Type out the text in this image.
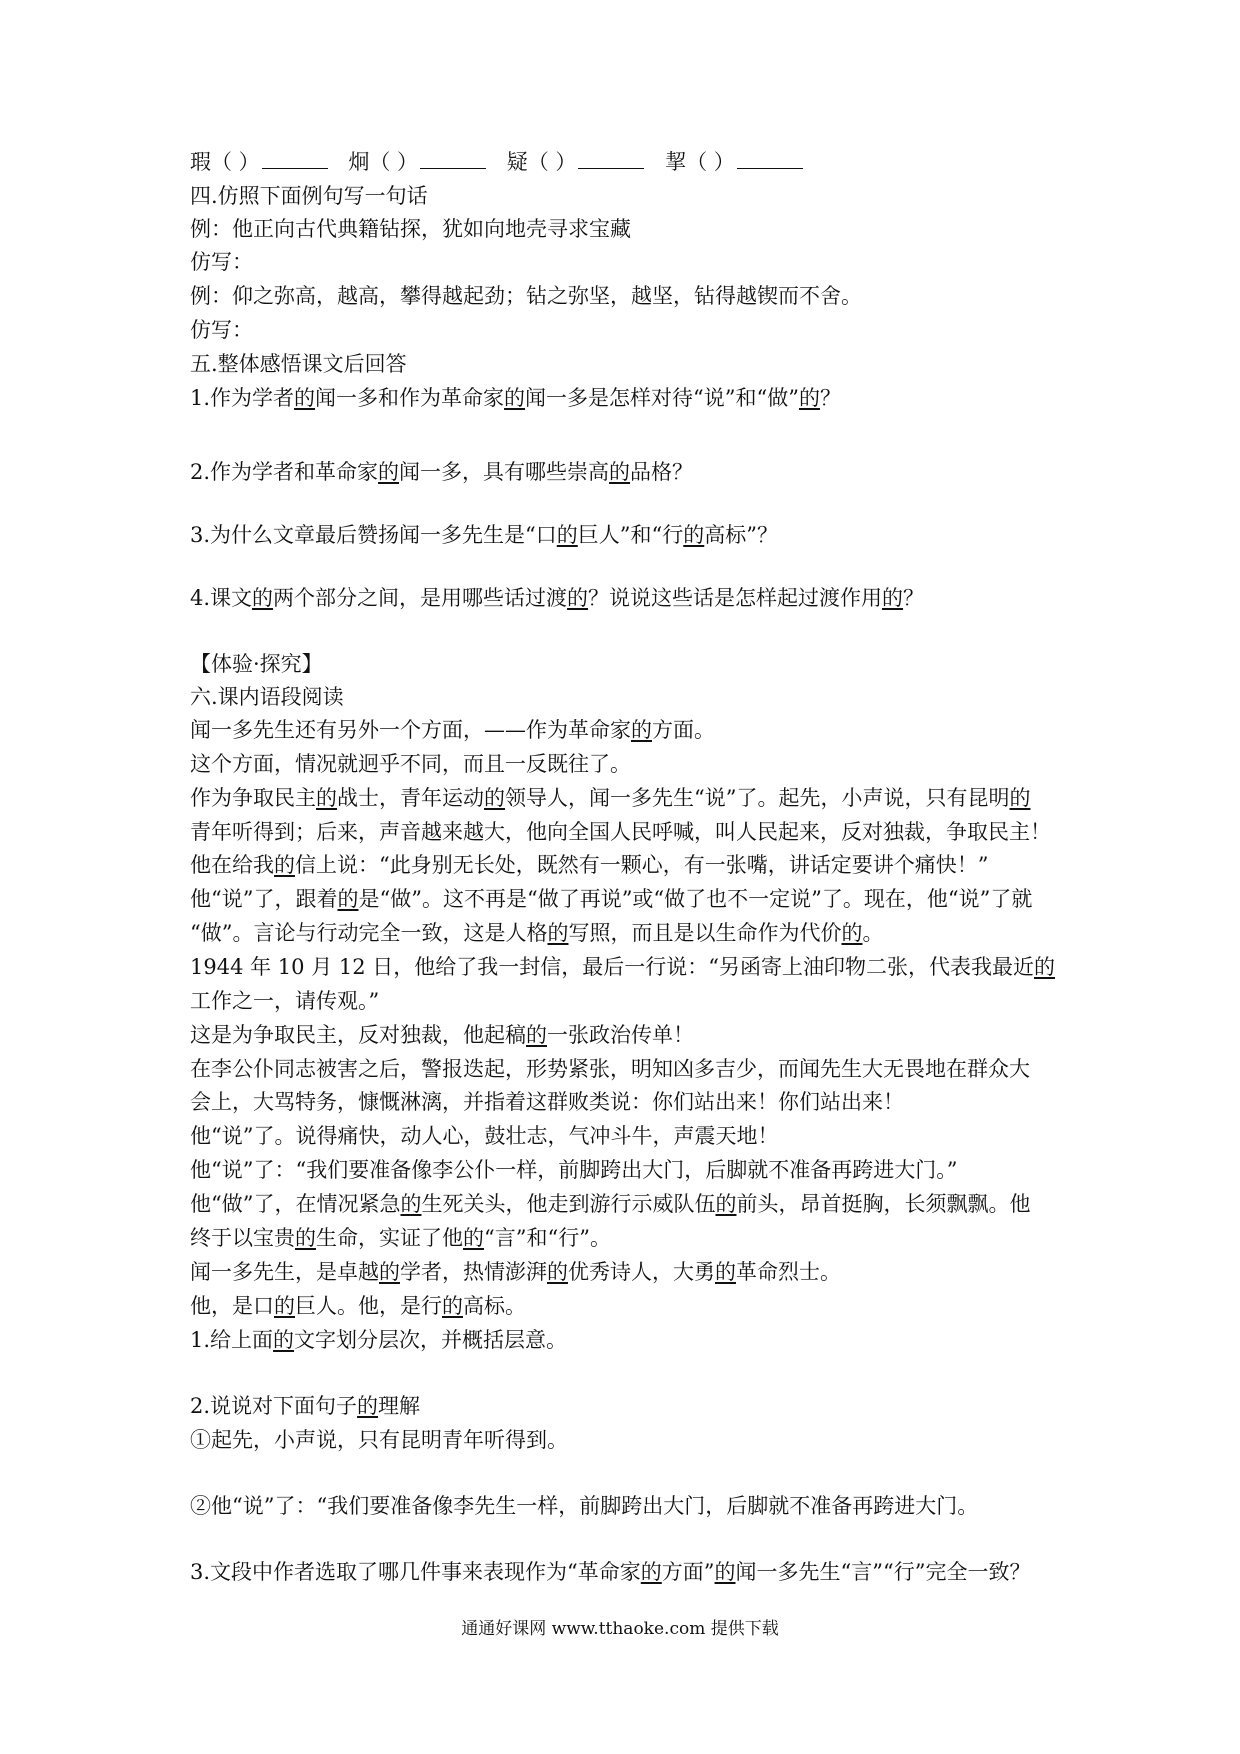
瑕（ ）	炯（ ）	疑（ ）	挈（ ）
四.仿照下面例句写一句话
例：他正向古代典籍钻探，犹如向地壳寻求宝藏
仿写：
例：仰之弥高，越高，攀得越起劲；钻之弥坚，越坚，钻得越锲而不舍。
仿写：
五.整体感悟课文后回答
1.作为学者的闻一多和作为革命家的闻一多是怎样对待“说”和“做”的？
2.作为学者和革命家的闻一多，具有哪些崇高的品格？
3.为什么文章最后赞扬闻一多先生是“口的巨人”和“行的高标”？
4.课文的两个部分之间，是用哪些话过渡的？说说这些话是怎样起过渡作用的？
【体验·探究】
六.课内语段阅读
闻一多先生还有另外一个方面，——作为革命家的方面。
这个方面，情况就迥乎不同，而且一反既往了。
作为争取民主的战士，青年运动的领导人，闻一多先生“说”了。起先，小声说，只有昆明的
青年听得到；后来，声音越来越大，他向全国人民呼喊，叫人民起来，反对独裁，争取民主！
他在给我的信上说：“此身别无长处，既然有一颗心，有一张嘴，讲话定要讲个痛快！”
他“说”了，跟着的是“做”。这不再是“做了再说”或“做了也不一定说”了。现在，他“说”了就
“做”。言论与行动完全一致，这是人格的写照，而且是以生命作为代价的。
1944 年 10 月 12 日，他给了我一封信，最后一行说：“另函寄上油印物二张，代表我最近的
工作之一，请传观。”
这是为争取民主，反对独裁，他起稿的一张政治传单！
在李公仆同志被害之后，警报迭起，形势紧张，明知凶多吉少，而闻先生大无畏地在群众大
会上，大骂特务，慷慨淋漓，并指着这群败类说：你们站出来！你们站出来！
他“说”了。说得痛快，动人心，鼓壮志，气冲斗牛，声震天地！
他“说”了：“我们要准备像李公仆一样，前脚跨出大门，后脚就不准备再跨进大门。”
他“做”了，在情况紧急的生死关头，他走到游行示威队伍的前头，昂首挺胸，长须飘飘。他
终于以宝贵的生命，实证了他的“言”和“行”。
闻一多先生，是卓越的学者，热情澎湃的优秀诗人，大勇的革命烈士。
他，是口的巨人。他，是行的高标。
1.给上面的文字划分层次，并概括层意。
2.说说对下面句子的理解
①起先，小声说，只有昆明青年听得到。
②他“说”了：“我们要准备像李先生一样，前脚跨出大门，后脚就不准备再跨进大门。
3.文段中作者选取了哪几件事来表现作为“革命家的方面”的闻一多先生“言”“行”完全一致？
通通好课网 www.tthaoke.com 提供下载
